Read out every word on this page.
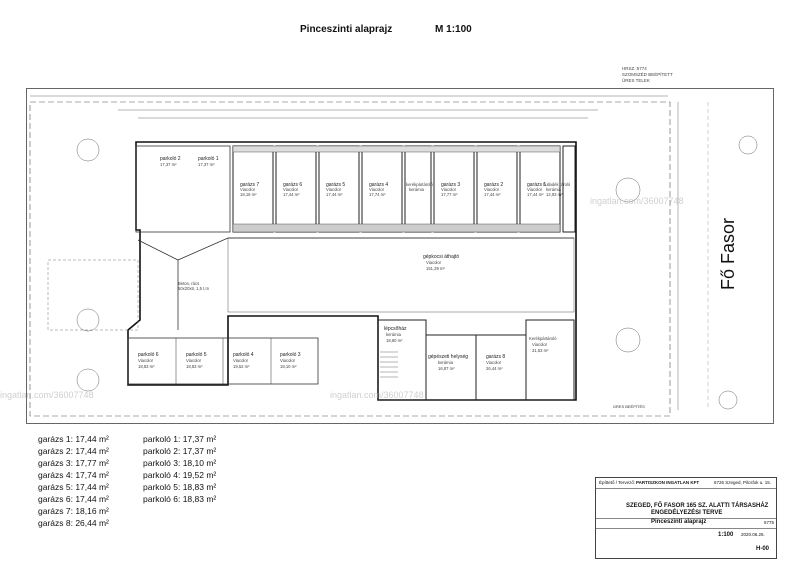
Pinceszinti alaprajz	M 1:100
HRSZ.:5774
SZOMSZÉD BEÉPÍTETT
ÜRES TELEK
parkoló 2
17,37 m²
parkoló 1
17,37 m²
garázs 7
Viacolor
18,16 m²
garázs 6
Viacolor
17,44 m²
garázs 5
Viacolor
17,44 m²
garázs 4
Viacolor
17,74 m²
kerékpártároló
kerámia
garázs 3
Viacolor
17,77 m²
garázs 2
Viacolor
17,44 m²
garázs 1
Viacolor
17,44 m²
hulladék tároló
kerámia
12,93 m²
gépkocsi áthajtó
Viacolor
151,39 m²
Beton, rács
50x20x8, 1,5 t.m
parkoló 6
Viacolor
18,83 m²
parkoló 5
Viacolor
18,83 m²
parkoló 4
Viacolor
19,52 m²
parkoló 3
Viacolor
18,10 m²
lépcsőház
kerámia
18,80 m²
gépészeti helység
kerámia
16,87 m²
garázs 8
Viacolor
26,44 m²
Kerékpártároló
Viacolor
31,53 m²
ÜRES BEÉPÍTÉS
Fő Fasor
ingatlan.com/36007748	ingatlan.com/36007748
ingatlan.com/36007748
garázs 1: 17,44 m²
garázs 2: 17,44 m²
garázs 3: 17,77 m²
garázs 4: 17,74 m²
garázs 5: 17,44 m²
garázs 6: 17,44 m²
garázs 7: 18,16 m²
garázs 8: 26,44 m²
parkoló 1: 17,37 m²
parkoló 2: 17,37 m²
parkoló 3: 18,10 m²
parkoló 4: 19,52 m²
parkoló 5: 18,83 m²
parkoló 6: 18,83 m²
Építtető / Tervező: PARTISZKON INGATLAN KFT	6726 Szeged, Pilcsfok u. 15.
SZEGED, FŐ FASOR 165 SZ. ALATTI TÁRSASHÁZ
ENGEDÉLYEZÉSI TERVE
Pinceszinti alaprajz	5775
1:100 2020.06.26.
H-00
